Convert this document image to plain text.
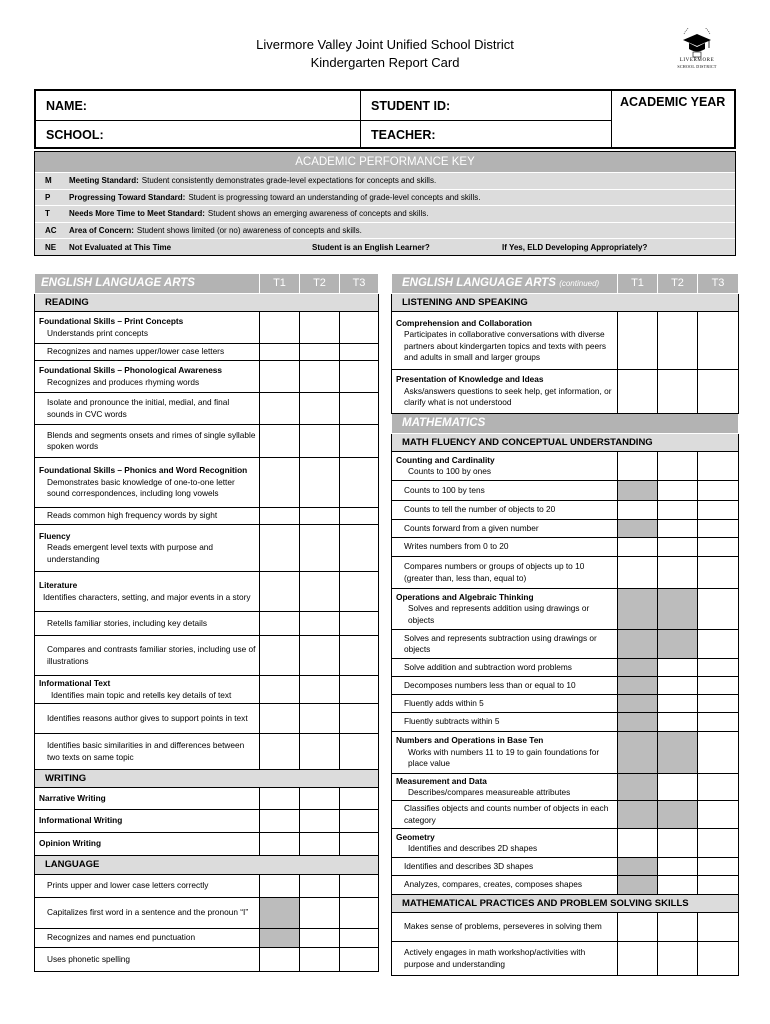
Livermore Valley Joint Unified School District
Kindergarten Report Card	LIVERMORE
SCHOOL DISTRICT
NAME:	STUDENT ID:	ACADEMIC YEAR
SCHOOL:	TEACHER:
ACADEMIC PERFORMANCE KEY
M	Meeting Standard: Student consistently demonstrates grade-level expectations for concepts and skills.
P	Progressing Toward Standard: Student is progressing toward an understanding of grade-level concepts and skills.
T	Needs More Time to Meet Standard: Student shows an emerging awareness of concepts and skills.
AC	Area of Concern: Student shows limited (or no) awareness of concepts and skills.
NE	Not Evaluated at This Time	Student is an English Learner?	If Yes, ELD Developing Appropriately?
ENGLISH LANGUAGE ARTS	T1	T2	T3
READING			

Foundational Skills – Print Concepts
Understands print concepts			

Recognizes and names upper/lower case letters			

Foundational Skills – Phonological Awareness
Recognizes and produces rhyming words			

Isolate and pronounce the initial, medial, and final sounds in CVC words			
Blends and segments onsets and rimes of single syllable spoken words			

Foundational Skills – Phonics and Word Recognition
Demonstrates basic knowledge of one-to-one letter sound correspondences, including long vowels			

Reads common high frequency words by sight			

Fluency
Reads emergent level texts with purpose and understanding			

Literature
Identifies characters, setting, and major events in a story			

Retells familiar stories, including key details			
Compares and contrasts familiar stories, including use of illustrations			

Informational Text
Identifies main topic and retells key details of text			

Identifies reasons author gives to support points in text			
Identifies basic similarities in and differences between two texts on same topic			
WRITING			
Narrative Writing			
Informational Writing			
Opinion Writing			
LANGUAGE			
Prints upper and lower case letters correctly			
Capitalizes first word in a sentence and the pronoun “I”			
Recognizes and names end punctuation			
Uses phonetic spelling			
ENGLISH LANGUAGE ARTS (continued)	T1	T2	T3
LISTENING AND SPEAKING			

Comprehension and Collaboration
Participates in collaborative conversations with diverse partners about kindergarten topics and texts with peers and adults in small and larger groups			

Presentation of Knowledge and Ideas
Asks/answers questions to seek help, get information, or clarify what is not understood			

MATHEMATICS			
MATH FLUENCY AND CONCEPTUAL UNDERSTANDING			

Counting and Cardinality
Counts to 100 by ones			

Counts to 100 by tens			
Counts to tell the number of objects to 20			
Counts forward from a given number			
Writes numbers from 0 to 20			
Compares numbers or groups of objects up to 10 (greater than, less than, equal to)			

Operations and Algebraic Thinking
Solves and represents addition using drawings or objects			

Solves and represents subtraction using drawings or objects			
Solve addition and subtraction word problems			
Decomposes numbers less than or equal to 10			
Fluently adds within 5			
Fluently subtracts within 5			

Numbers and Operations in Base Ten
Works with numbers 11 to 19 to gain foundations for place value			

Measurement and Data
Describes/compares measureable attributes			

Classifies objects and counts number of objects in each category			

Geometry
Identifies and describes 2D shapes			

Identifies and describes 3D shapes			
Analyzes, compares, creates, composes shapes			
MATHEMATICAL PRACTICES AND PROBLEM SOLVING SKILLS			
Makes sense of problems, perseveres in solving them			
Actively engages in math workshop/activities with purpose and understanding			
